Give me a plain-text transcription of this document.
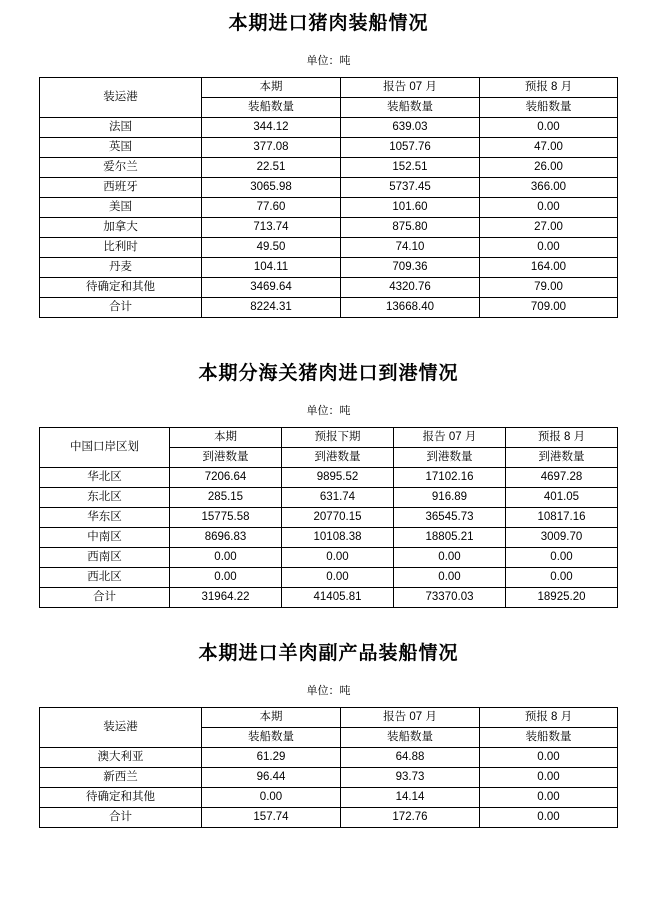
本期进口猪肉装船情况
单位：吨
装运港	本期	报告 07 月	预报 8 月
	装船数量	装船数量	装船数量
法国	344.12	639.03	0.00
英国	377.08	1057.76	47.00
爱尔兰	22.51	152.51	26.00
西班牙	3065.98	5737.45	366.00
美国	77.60	101.60	0.00
加拿大	713.74	875.80	27.00
比利时	49.50	74.10	0.00
丹麦	104.11	709.36	164.00
待确定和其他	3469.64	4320.76	79.00
合计	8224.31	13668.40	709.00
本期分海关猪肉进口到港情况
单位：吨
中国口岸区划	本期	预报下期	报告 07 月	预报 8 月
	到港数量	到港数量	到港数量	到港数量
华北区	7206.64	9895.52	17102.16	4697.28
东北区	285.15	631.74	916.89	401.05
华东区	15775.58	20770.15	36545.73	10817.16
中南区	8696.83	10108.38	18805.21	3009.70
西南区	0.00	0.00	0.00	0.00
西北区	0.00	0.00	0.00	0.00
合计	31964.22	41405.81	73370.03	18925.20
本期进口羊肉副产品装船情况
单位：吨
装运港	本期	报告 07 月	预报 8 月
	装船数量	装船数量	装船数量
澳大利亚	61.29	64.88	0.00
新西兰	96.44	93.73	0.00
待确定和其他	0.00	14.14	0.00
合计	157.74	172.76	0.00
